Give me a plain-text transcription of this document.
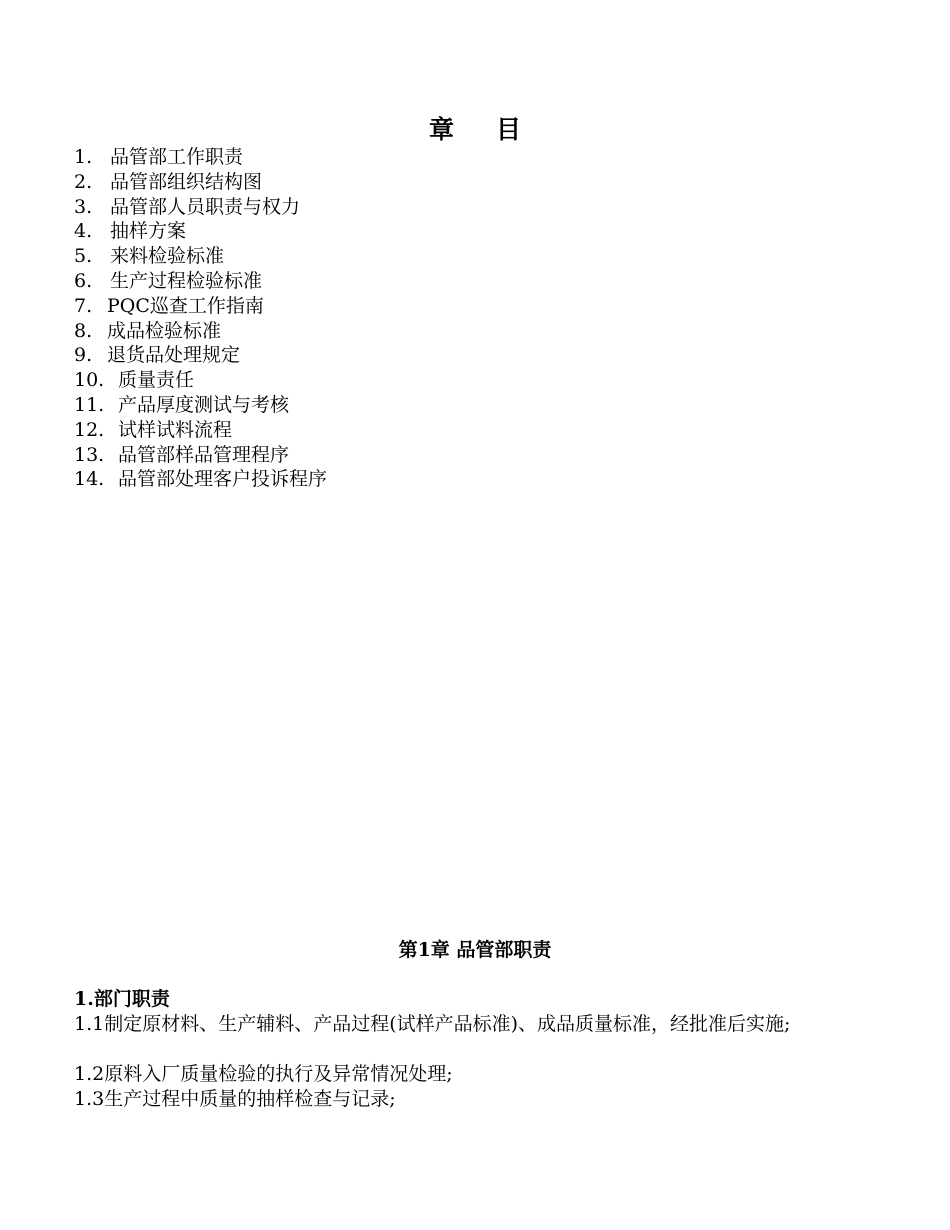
章 目
1. 品管部工作职责
2. 品管部组织结构图
3. 品管部人员职责与权力
4. 抽样方案
5. 来料检验标准
6. 生产过程检验标准
7. PQC巡查工作指南
8. 成品检验标准
9. 退货品处理规定
10. 质量责任
11. 产品厚度测试与考核
12. 试样试料流程
13. 品管部样品管理程序
14. 品管部处理客户投诉程序
第1章 品管部职责
1.部门职责
1.1制定原材料、生产辅料、产品过程(试样产品标准)、成品质量标准，经批准后实施;
1.2原料入厂质量检验的执行及异常情况处理;
1.3生产过程中质量的抽样检查与记录;
